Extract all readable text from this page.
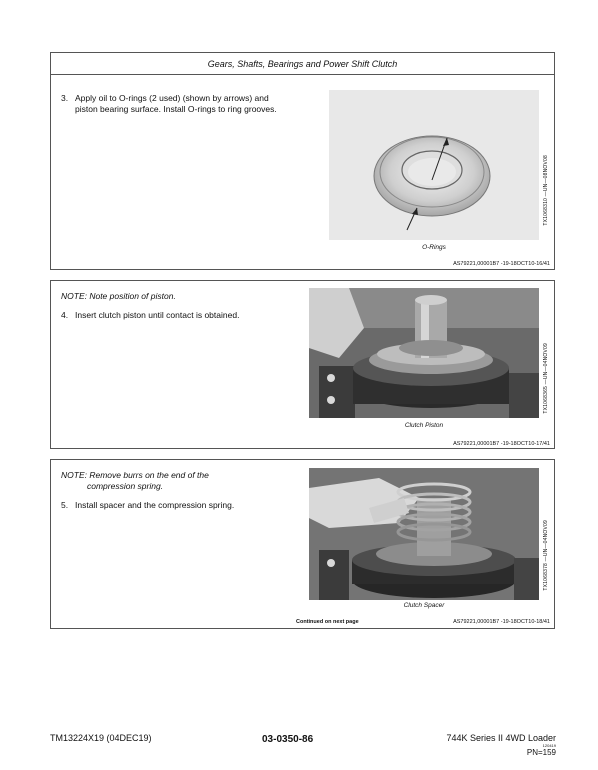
Gears, Shafts, Bearings and Power Shift Clutch
3. Apply oil to O-rings (2 used) (shown by arrows) and
piston bearing surface. Install O-rings to ring grooves.
O-Rings
TX1068310 —UN—08NOV08
AS79221,00001B7 -19-18OCT10-16/41
NOTE: Note position of piston.
4. Insert clutch piston until contact is obtained.
Clutch Piston
TX1068365 —UN—04NOV09
AS79221,00001B7 -19-18OCT10-17/41
NOTE: Remove burrs on the end of the
compression spring.
5. Install spacer and the compression spring.
Clutch Spacer
TX1068378 —UN—04NOV09
Continued on next page	AS79221,00001B7 -19-18OCT10-18/41
TM13224X19 (04DEC19)	03-0350-86	744K Series II 4WD Loader
120419
PN=159
